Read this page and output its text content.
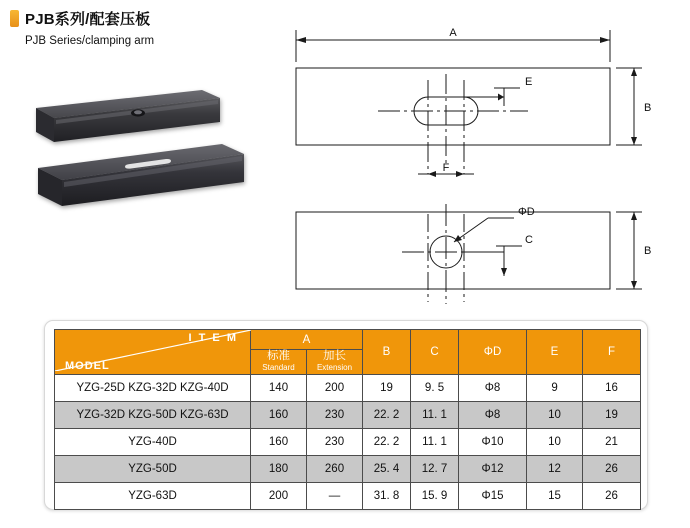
PJB系列/配套压板
PJB Series/clamping arm
A
E
F
B
ΦD
C
B
I T E M
MODEL	A		B	C	ΦD	E	F

标准
Standard

加长
Extension

YZG-25D KZG-32D KZG-40D	140	200	19	9. 5	Φ8	9	16
YZG-32D KZG-50D KZG-63D	160	230	22. 2	11. 1	Φ8	10	19
YZG-40D	160	230	22. 2	11. 1	Φ10	10	21
YZG-50D	180	260	25. 4	12. 7	Φ12	12	26
YZG-63D	200	—	31. 8	15. 9	Φ15	15	26
